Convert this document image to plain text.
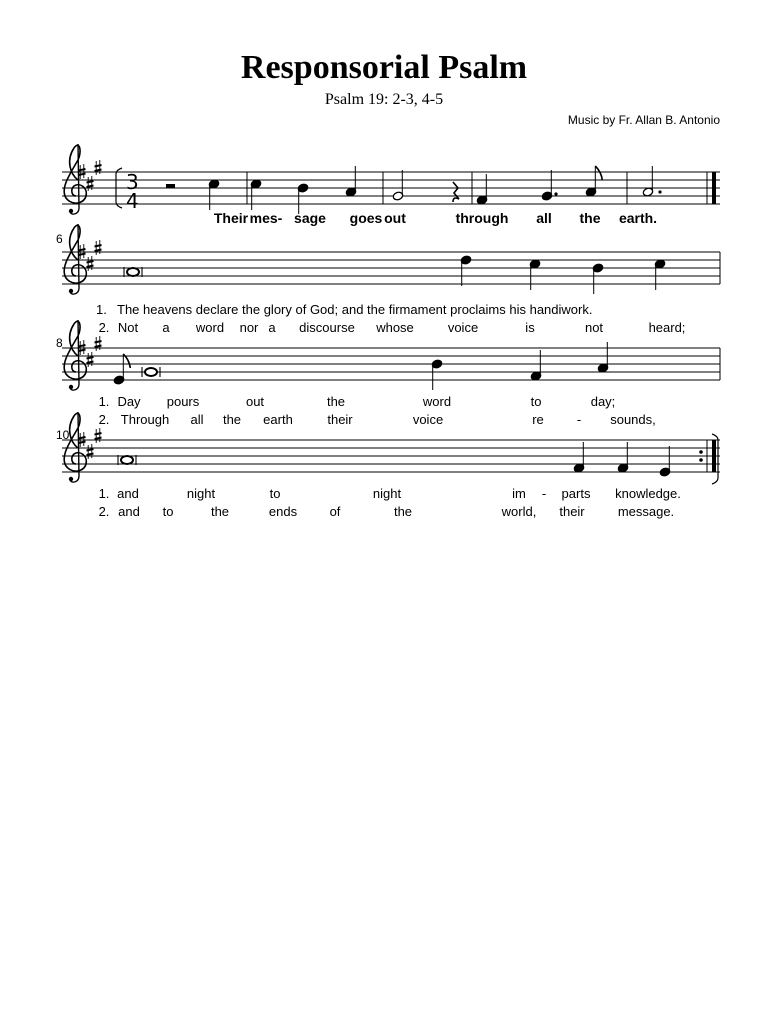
Responsorial Psalm
Psalm 19: 2-3, 4-5
Music by Fr. Allan B. Antonio
3
4
Their mes- sage goes out	through all the earth.
6
1. The heavens declare the glory of God; and the firmament proclaims his handiwork.
2. Not a word nor a discourse whose	voice	is	not	heard;
8
1. Day pours	out	the	word	to	day;
2. Through all the earth	their	voice	re	- sounds,
10
1. and	night	to	night	im - parts knowledge.
2. and to	the	ends of	the	world, their	message.
